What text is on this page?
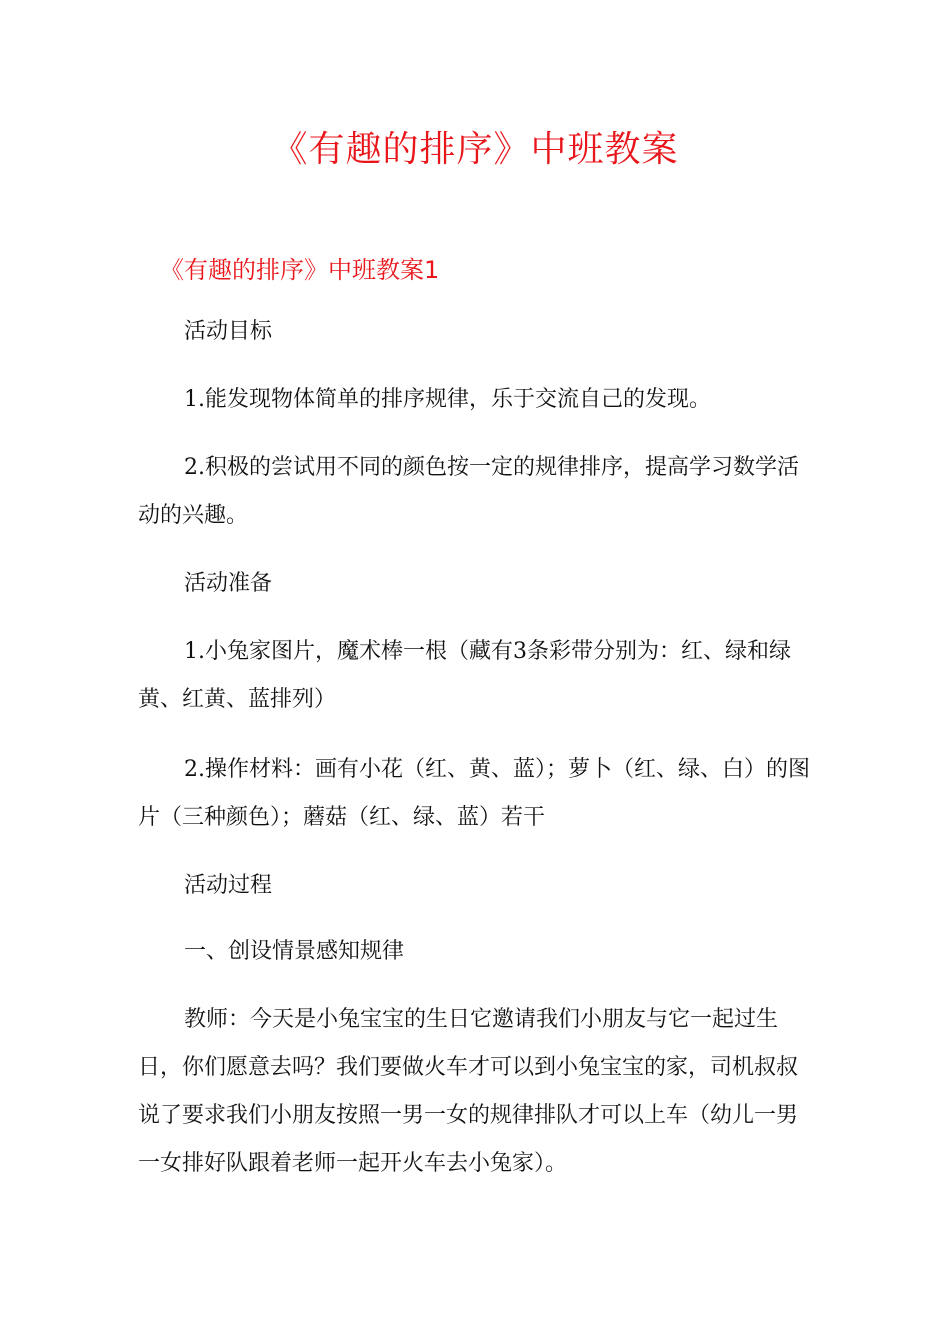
《有趣的排序》中班教案
《有趣的排序》中班教案1

活动目标

1.能发现物体简单的排序规律，乐于交流自己的发现。

2.积极的尝试用不同的颜色按一定的规律排序，提高学习数学活动的兴趣。

活动准备

1.小兔家图片，魔术棒一根（藏有3条彩带分别为：红、绿和绿黄、红黄、蓝排列）

2.操作材料：画有小花（红、黄、蓝）；萝卜（红、绿、白）的图片（三种颜色）；蘑菇（红、绿、蓝）若干

活动过程

一、创设情景感知规律

教师：今天是小兔宝宝的生日它邀请我们小朋友与它一起过生日，你们愿意去吗？我们要做火车才可以到小兔宝宝的家，司机叔叔说了要求我们小朋友按照一男一女的规律排队才可以上车（幼儿一男一女排好队跟着老师一起开火车去小兔家）。
